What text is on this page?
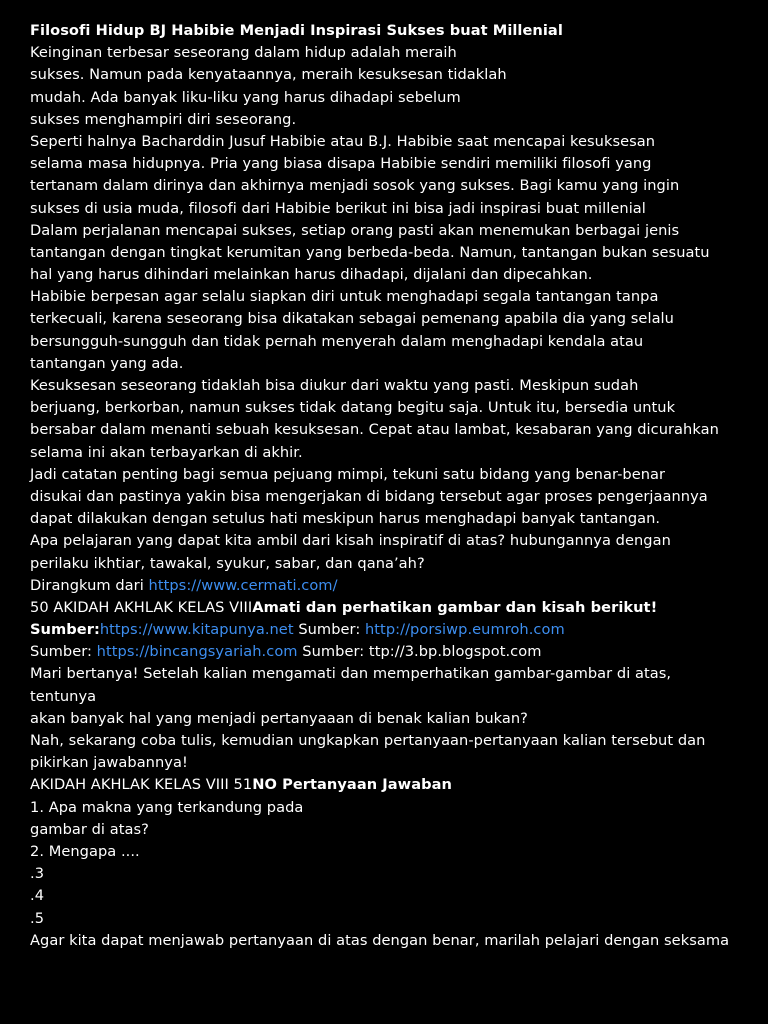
Filosofi Hidup BJ Habibie Menjadi Inspirasi Sukses buat Millenial
Keinginan terbesar seseorang dalam hidup adalah meraih
sukses. Namun pada kenyataannya, meraih kesuksesan tidaklah
mudah. Ada banyak liku-liku yang harus dihadapi sebelum
sukses menghampiri diri seseorang.
Seperti halnya Bacharddin Jusuf Habibie atau B.J. Habibie saat mencapai kesuksesan
selama masa hidupnya. Pria yang biasa disapa Habibie sendiri memiliki filosofi yang
tertanam dalam dirinya dan akhirnya menjadi sosok yang sukses. Bagi kamu yang ingin
sukses di usia muda, filosofi dari Habibie berikut ini bisa jadi inspirasi buat millenial
Dalam perjalanan mencapai sukses, setiap orang pasti akan menemukan berbagai jenis
tantangan dengan tingkat kerumitan yang berbeda-beda. Namun, tantangan bukan sesuatu
hal yang harus dihindari melainkan harus dihadapi, dijalani dan dipecahkan.
Habibie berpesan agar selalu siapkan diri untuk menghadapi segala tantangan tanpa
terkecuali, karena seseorang bisa dikatakan sebagai pemenang apabila dia yang selalu
bersungguh-sungguh dan tidak pernah menyerah dalam menghadapi kendala atau
tantangan yang ada.
Kesuksesan seseorang tidaklah bisa diukur dari waktu yang pasti. Meskipun sudah
berjuang, berkorban, namun sukses tidak datang begitu saja. Untuk itu, bersedia untuk
bersabar dalam menanti sebuah kesuksesan. Cepat atau lambat, kesabaran yang dicurahkan
selama ini akan terbayarkan di akhir.
Jadi catatan penting bagi semua pejuang mimpi, tekuni satu bidang yang benar-benar
disukai dan pastinya yakin bisa mengerjakan di bidang tersebut agar proses pengerjaannya
dapat dilakukan dengan setulus hati meskipun harus menghadapi banyak tantangan.
Apa pelajaran yang dapat kita ambil dari kisah inspiratif di atas? hubungannya dengan
perilaku ikhtiar, tawakal, syukur, sabar, dan qana’ah?
Dirangkum dari https://www.cermati.com/
50 AKIDAH AKHLAK KELAS VIIIAmati dan perhatikan gambar dan kisah berikut!
Sumber:https://www.kitapunya.net Sumber: http://porsiwp.eumroh.com
Sumber: https://bincangsyariah.com Sumber: ttp://3.bp.blogspot.com
Mari bertanya! Setelah kalian mengamati dan memperhatikan gambar-gambar di atas,
tentunya
akan banyak hal yang menjadi pertanyaaan di benak kalian bukan?
Nah, sekarang coba tulis, kemudian ungkapkan pertanyaan-pertanyaan kalian tersebut dan
pikirkan jawabannya!
AKIDAH AKHLAK KELAS VIII 51NO Pertanyaan Jawaban
1. Apa makna yang terkandung pada
gambar di atas?
2. Mengapa ....
.3
.4
.5
Agar kita dapat menjawab pertanyaan di atas dengan benar, marilah pelajari dengan seksama
